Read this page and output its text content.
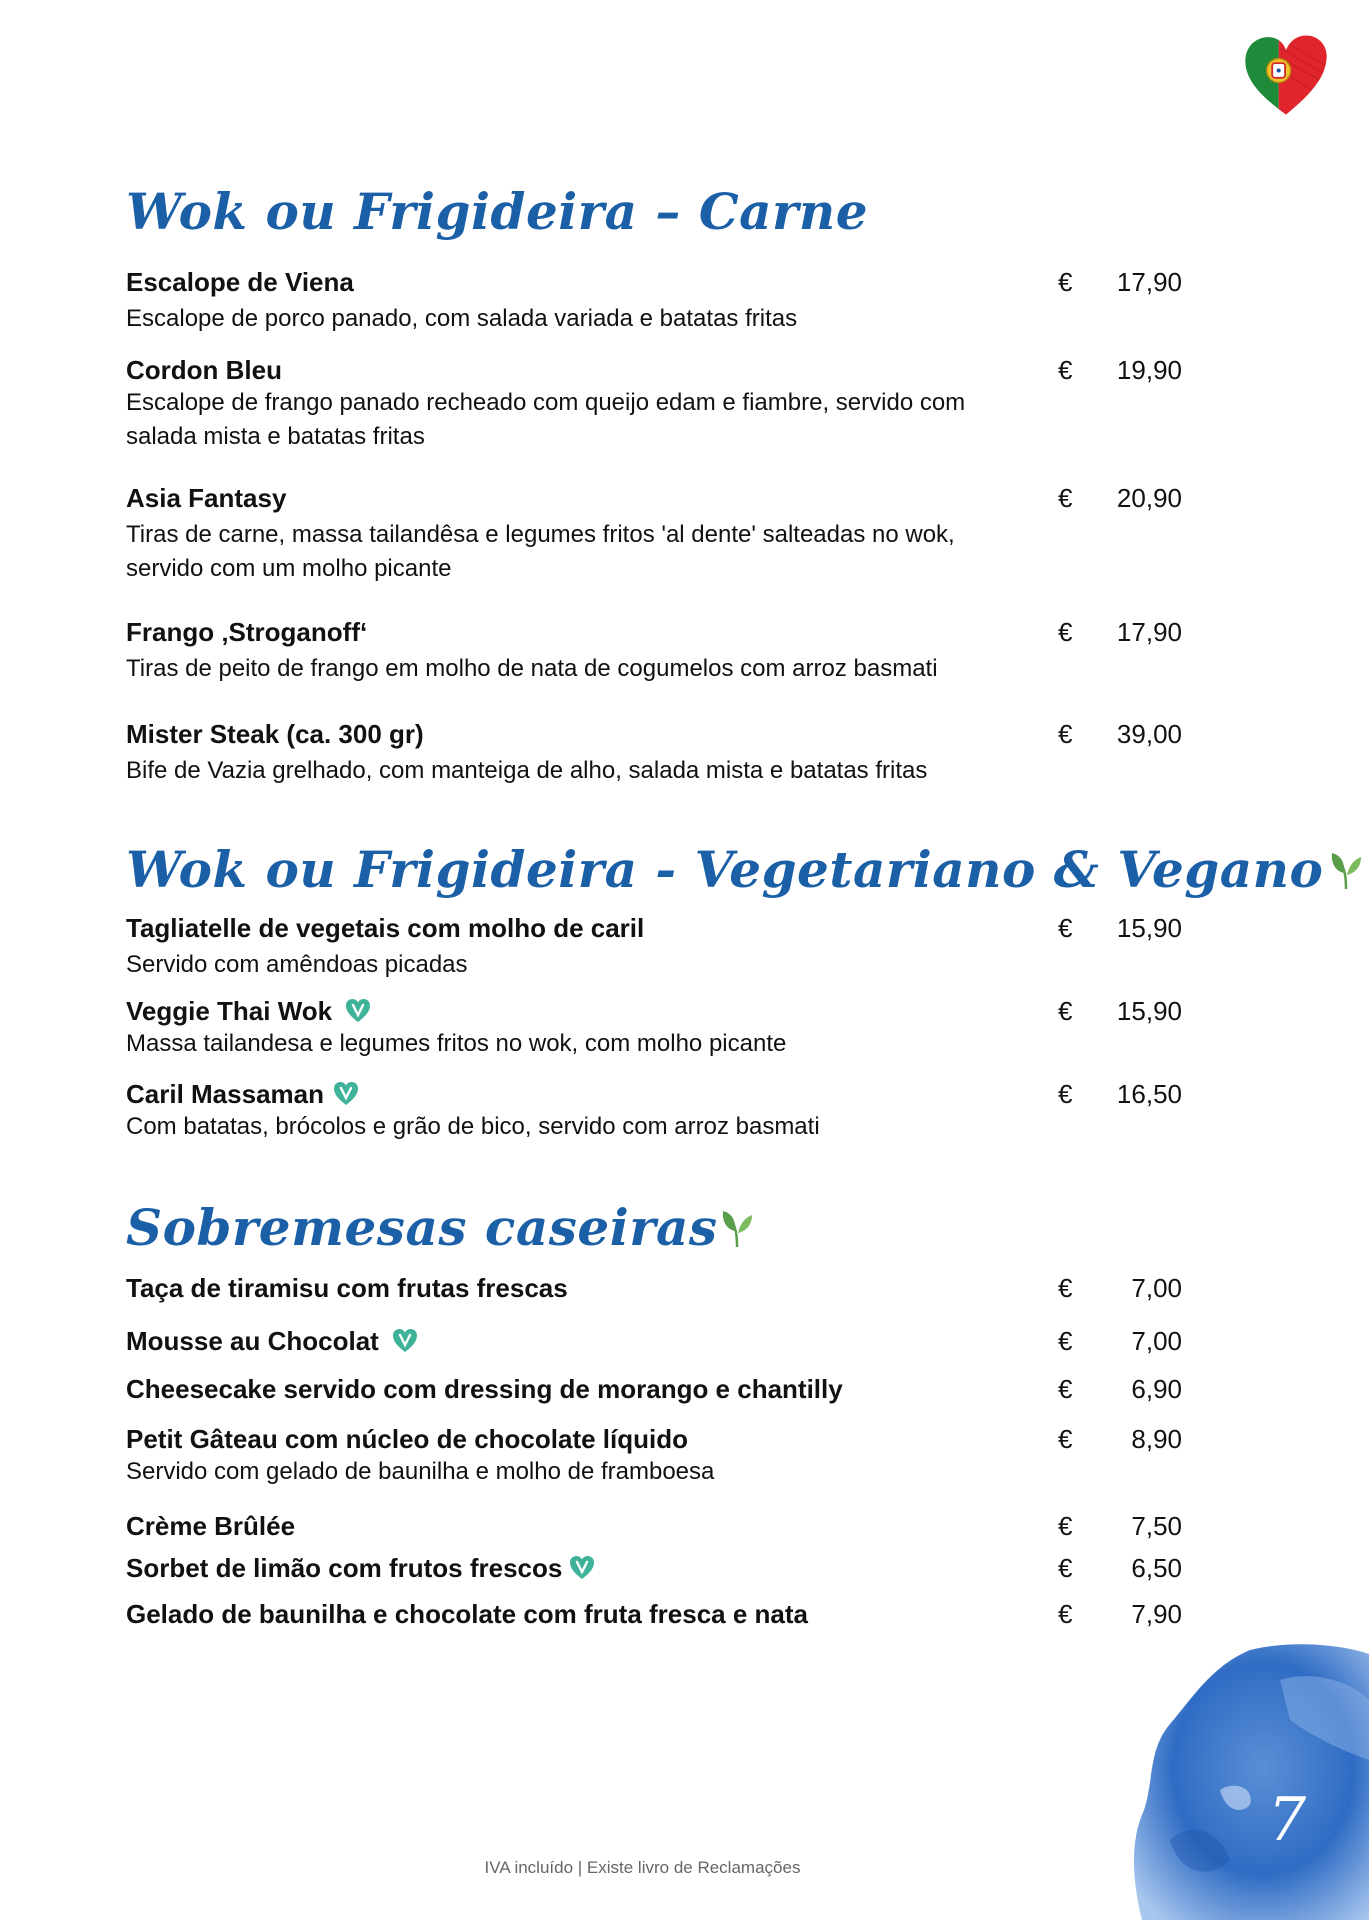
Wok ou Frigideira – Carne
Escalope de Viena	€	17,90
Escalope de porco panado, com salada variada e batatas fritas
Cordon Bleu	€	19,90
Escalope de frango panado recheado com queijo edam e fiambre, servido com salada mista e batatas fritas
Asia Fantasy	€	20,90
Tiras de carne, massa tailandêsa e legumes fritos 'al dente' salteadas no wok, servido com um molho picante
Frango ‚Stroganoff‘	€	17,90
Tiras de peito de frango em molho de nata de cogumelos com arroz basmati
Mister Steak (ca. 300 gr)	€	39,00
Bife de Vazia grelhado, com manteiga de alho, salada mista e batatas fritas
Wok ou Frigideira - Vegetariano & Vegano
Tagliatelle de vegetais com molho de caril	€	15,90
Servido com amêndoas picadas
Veggie Thai Wok	€	15,90
Massa tailandesa e legumes fritos no wok, com molho picante
Caril Massaman	€	16,50
Com batatas, brócolos e grão de bico, servido com arroz basmati
Sobremesas caseiras
Taça de tiramisu com frutas frescas	€	7,00
Mousse au Chocolat	€	7,00
Cheesecake servido com dressing de morango e chantilly	€	6,90
Petit Gâteau com núcleo de chocolate líquido	€	8,90
Servido com gelado de baunilha e molho de framboesa
Crème Brûlée	€	7,50
Sorbet de limão com frutos frescos	€	6,50
Gelado de baunilha e chocolate com fruta fresca e nata	€	7,90
7
IVA incluído | Existe livro de Reclamações
